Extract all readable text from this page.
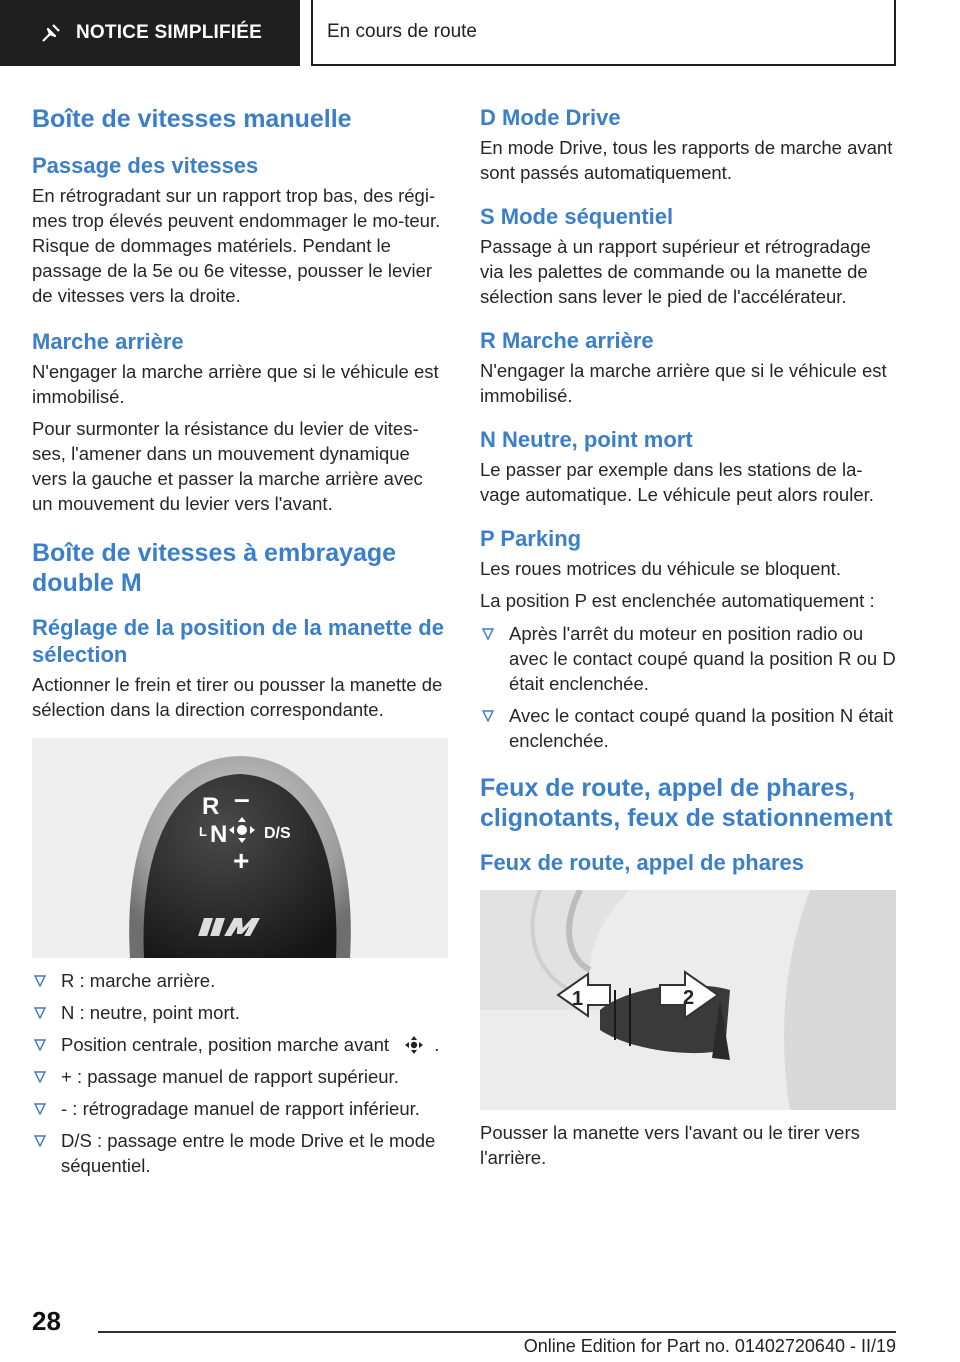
NOTICE SIMPLIFIÉE	En cours de route
Boîte de vitesses manuelle
Passage des vitesses

En rétrogradant sur un rapport trop bas, des régi-mes trop élevés peuvent endommager le mo-teur. Risque de dommages matériels. Pendant le passage de la 5e ou 6e vitesse, pousser le levier de vitesses vers la droite.

Marche arrière

N'engager la marche arrière que si le véhicule est immobilisé.

Pour surmonter la résistance du levier de vites-ses, l'amener dans un mouvement dynamique vers la gauche et passer la marche arrière avec un mouvement du levier vers l'avant.

Boîte de vitesses à embrayage double M
Réglage de la position de la manette de sélection

Actionner le frein et tirer ou pousser la manette de sélection dans la direction correspondante.

R –
L N D/S
+
R : marche arrière.
N : neutre, point mort.
Position centrale, position marche avant .
+ : passage manuel de rapport supérieur.
- : rétrogradage manuel de rapport inférieur.
D/S : passage entre le mode Drive et le mode séquentiel.
D Mode Drive

En mode Drive, tous les rapports de marche avant sont passés automatiquement.

S Mode séquentiel

Passage à un rapport supérieur et rétrogradage via les palettes de commande ou la manette de sélection sans lever le pied de l'accélérateur.

R Marche arrière

N'engager la marche arrière que si le véhicule est immobilisé.

N Neutre, point mort

Le passer par exemple dans les stations de la-vage automatique. Le véhicule peut alors rouler.

P Parking

Les roues motrices du véhicule se bloquent.

La position P est enclenchée automatiquement :

Après l'arrêt du moteur en position radio ou avec le contact coupé quand la position R ou D était enclenchée.
Avec le contact coupé quand la position N était enclenchée.
Feux de route, appel de phares, clignotants, feux de stationnement
Feux de route, appel de phares
1	2

Pousser la manette vers l'avant ou le tirer vers l'arrière.

28
Online Edition for Part no. 01402720640 - II/19
